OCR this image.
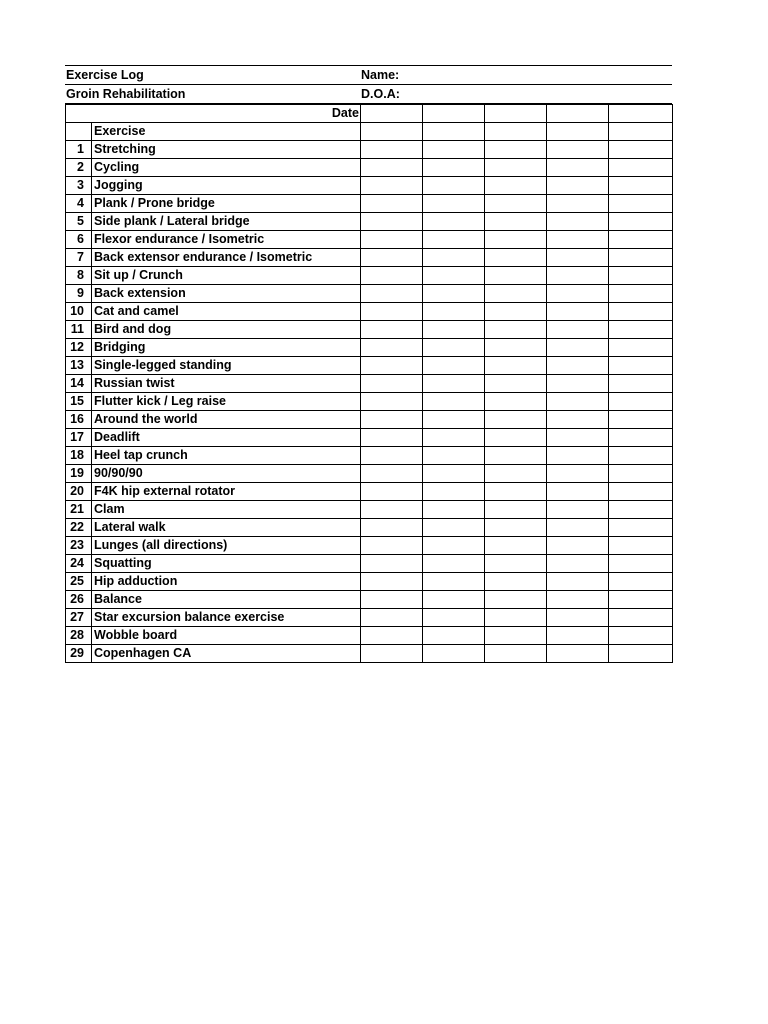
Exercise Log	Name:
Groin Rehabilitation	D.O.A:
Date						
	Exercise					
1	Stretching					
2	Cycling					
3	Jogging					
4	Plank / Prone bridge					
5	Side plank / Lateral bridge					
6	Flexor endurance / Isometric					
7	Back extensor endurance / Isometric					
8	Sit up / Crunch					
9	Back extension					
10	Cat and camel					
11	Bird and dog					
12	Bridging					
13	Single-legged standing					
14	Russian twist					
15	Flutter kick / Leg raise					
16	Around the world					
17	Deadlift					
18	Heel tap crunch					
19	90/90/90					
20	F4K hip external rotator					
21	Clam					
22	Lateral walk					
23	Lunges (all directions)					
24	Squatting					
25	Hip adduction					
26	Balance					
27	Star excursion balance exercise					
28	Wobble board					
29	Copenhagen CA					
